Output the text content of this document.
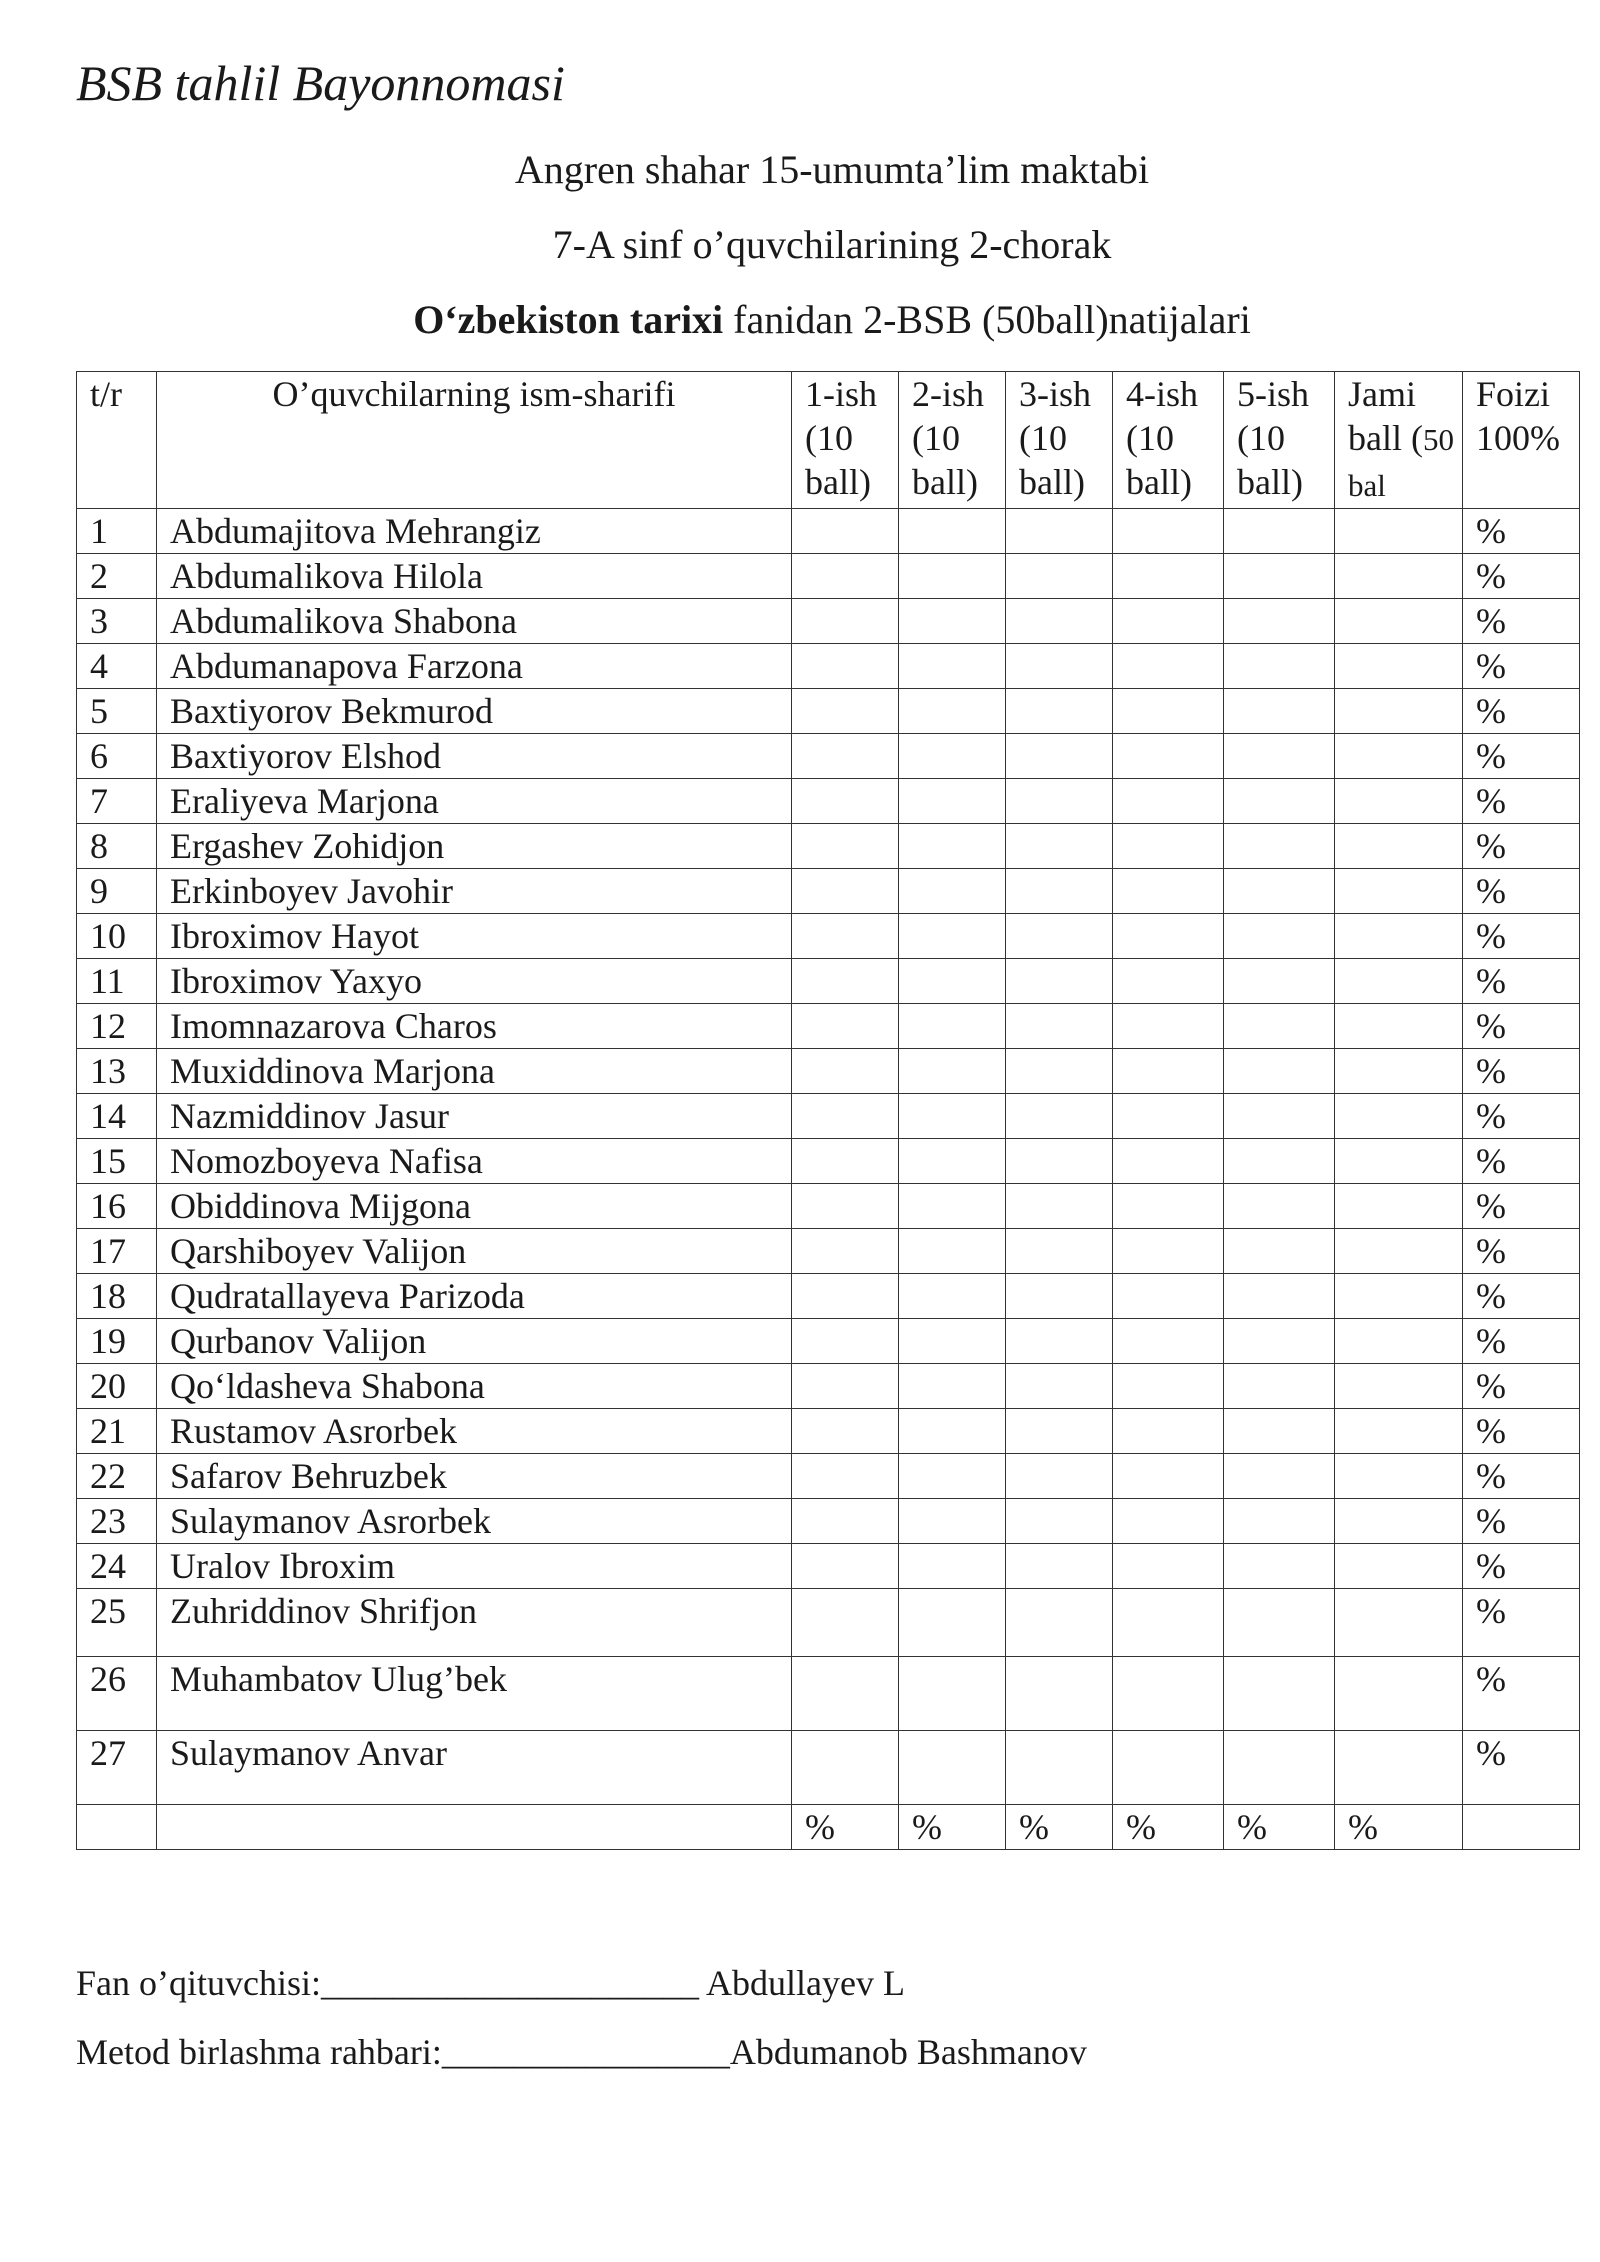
BSB tahlil Bayonnomasi
Angren shahar 15-umumta’lim maktabi
7-A sinf o’quvchilarining 2-chorak
O‘zbekiston tarixi fanidan 2-BSB (50ball)natijalari
t/r	O’quvchilarning ism-sharifi	1-ish (10 ball)	2-ish (10 ball)	3-ish (10 ball)	4-ish (10 ball)	5-ish (10 ball)	Jami ball (50 bal	Foizi 100%
1	Abdumajitova Mehrangiz							%
2	Abdumalikova Hilola							%
3	Abdumalikova Shabona							%
4	Abdumanapova Farzona							%
5	Baxtiyorov Bekmurod							%
6	Baxtiyorov Elshod							%
7	Eraliyeva Marjona							%
8	Ergashev Zohidjon							%
9	Erkinboyev Javohir							%
10	Ibroximov Hayot							%
11	Ibroximov Yaxyo							%
12	Imomnazarova Charos							%
13	Muxiddinova Marjona							%
14	Nazmiddinov Jasur							%
15	Nomozboyeva Nafisa							%
16	Obiddinova Mijgona							%
17	Qarshiboyev Valijon							%
18	Qudratallayeva Parizoda							%
19	Qurbanov Valijon							%
20	Qo‘ldasheva Shabona							%
21	Rustamov Asrorbek							%
22	Safarov Behruzbek							%
23	Sulaymanov Asrorbek							%
24	Uralov Ibroxim							%
25	Zuhriddinov Shrifjon							%
26	Muhambatov Ulug’bek							%
27	Sulaymanov Anvar							%
		%	%	%	%	%	%	
Fan o’qituvchisi:_____________________ Abdullayev L
Metod birlashma rahbari:________________Abdumanob Bashmanov
